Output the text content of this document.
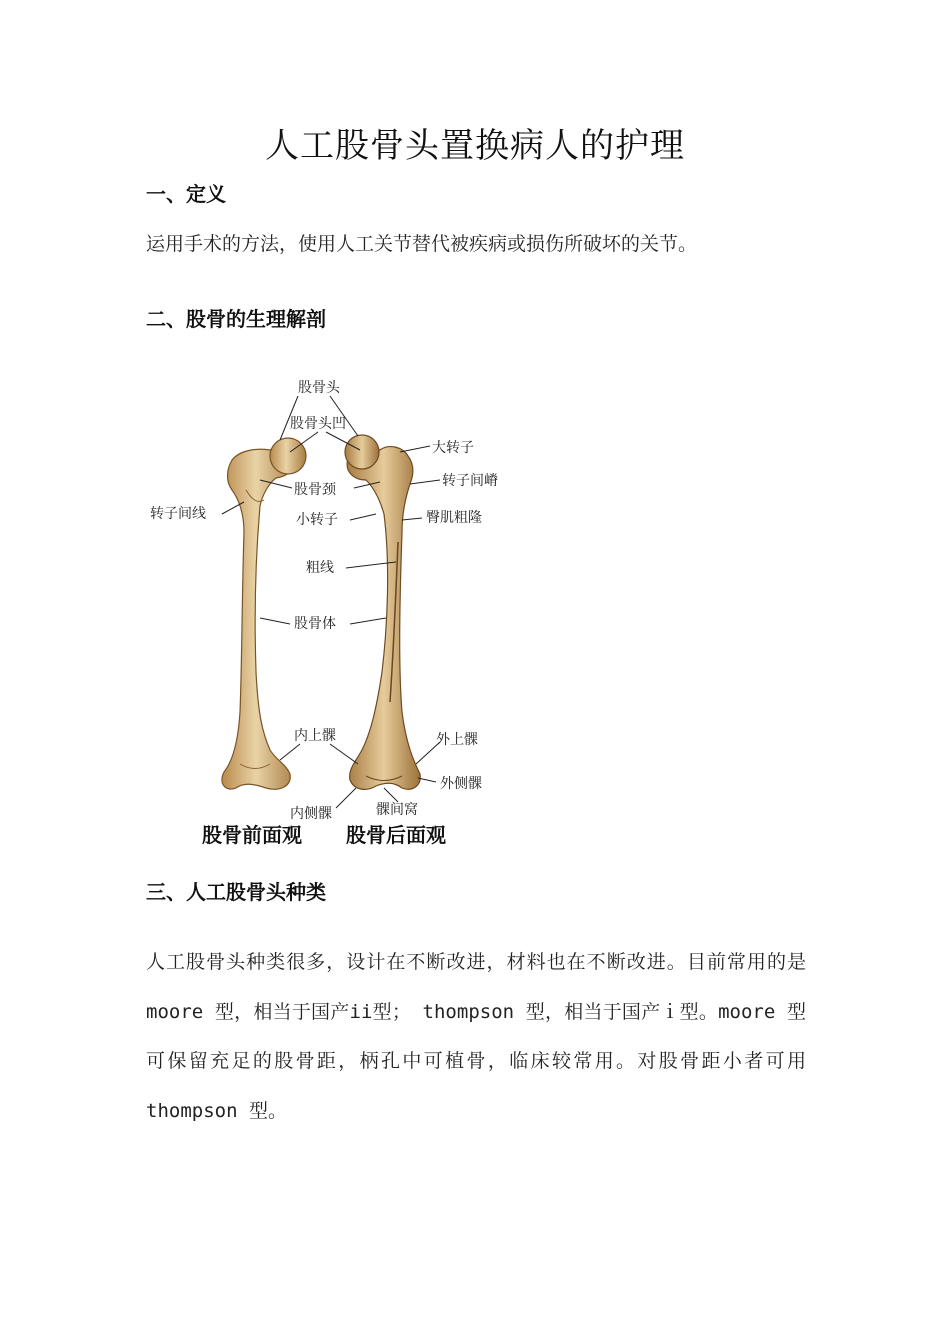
人工股骨头置换病人的护理
一、定义
运用手术的方法，使用人工关节替代被疾病或损伤所破坏的关节。
二、股骨的生理解剖
股骨头
股骨头凹
大转子
转子间嵴
股骨颈
转子间线	小转子	臀肌粗隆
粗线
股骨体
内上髁	外上髁
外侧髁
内侧髁	髁间窝
股骨前面观 股骨后面观
三、人工股骨头种类
人工股骨头种类很多，设计在不断改进，材料也在不断改进。目前常用的是 moore 型，相当于国产ii型； thompson 型，相当于国产ｉ型。moore 型可保留充足的股骨距，柄孔中可植骨，临床较常用。对股骨距小者可用 thompson 型。
